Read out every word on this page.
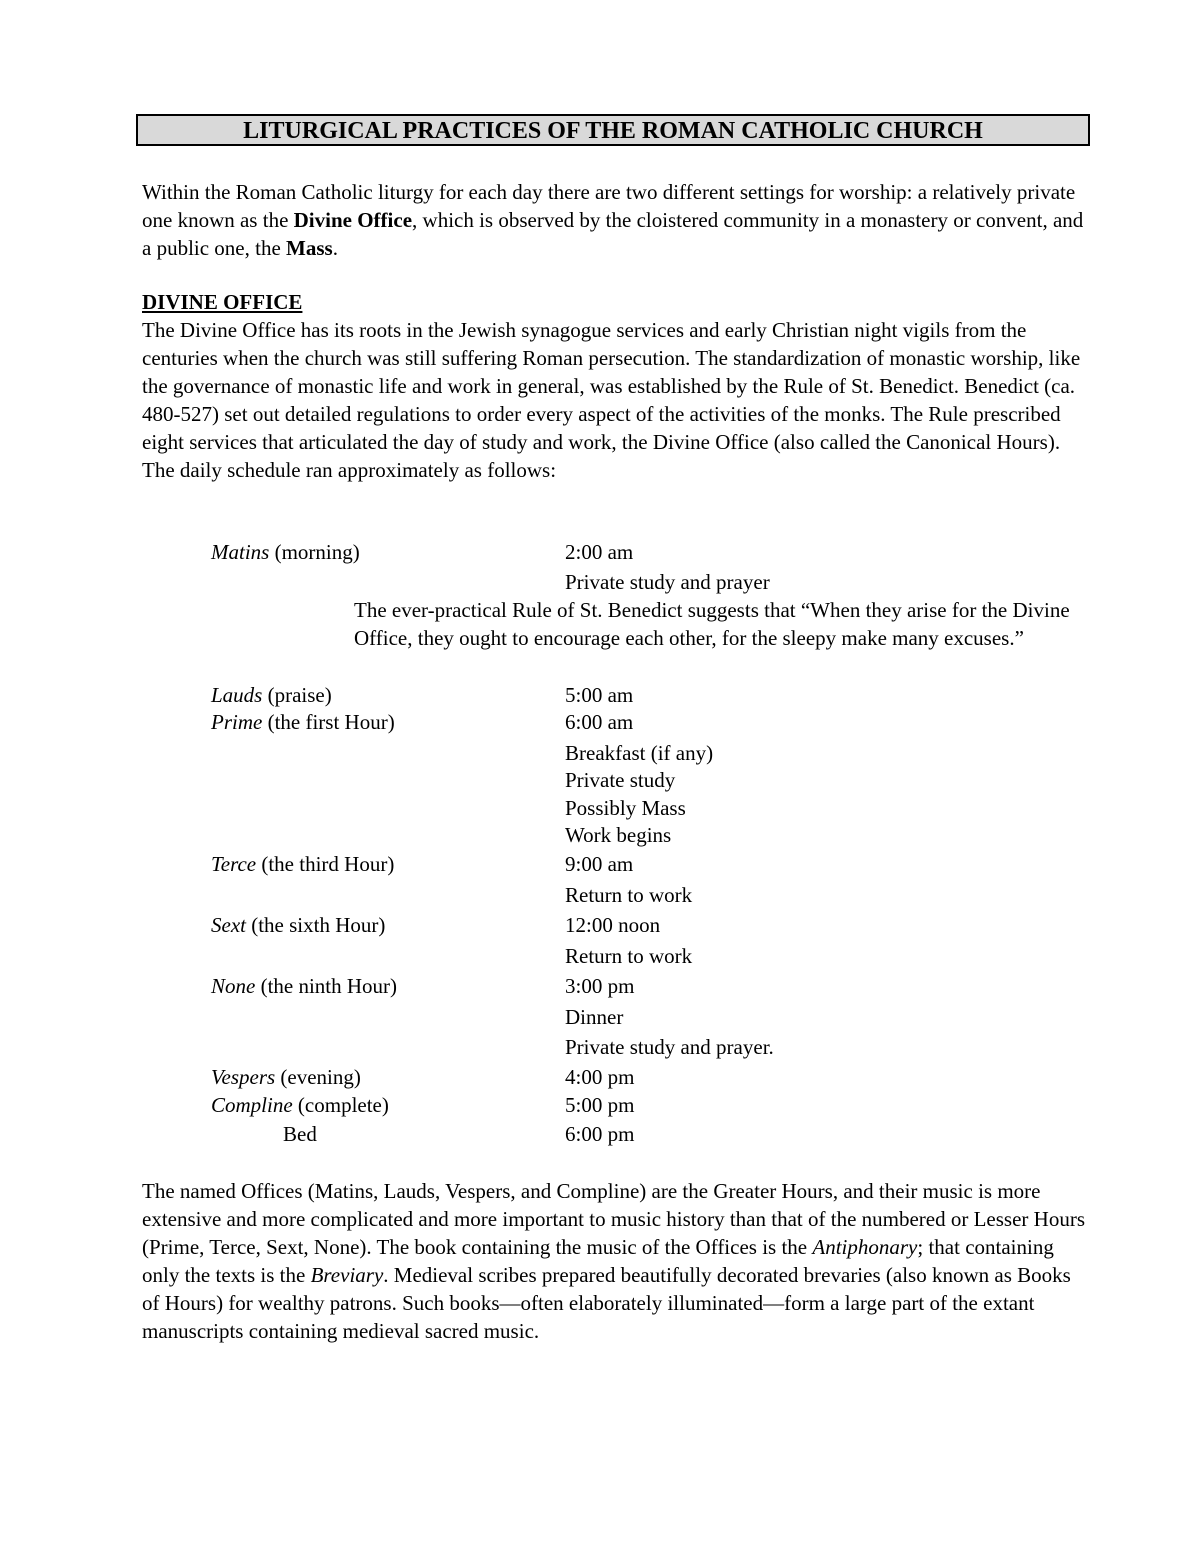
LITURGICAL PRACTICES OF THE ROMAN CATHOLIC CHURCH

Within the Roman Catholic liturgy for each day there are two different settings for worship: a relatively private one known as the Divine Office, which is observed by the cloistered community in a monastery or convent, and a public one, the Mass.

DIVINE OFFICE

The Divine Office has its roots in the Jewish synagogue services and early Christian night vigils from the centuries when the church was still suffering Roman persecution. The standardization of monastic worship, like the governance of monastic life and work in general, was established by the Rule of St. Benedict. Benedict (ca. 480-527) set out detailed regulations to order every aspect of the activities of the monks. The Rule prescribed eight services that articulated the day of study and work, the Divine Office (also called the Canonical Hours). The daily schedule ran approximately as follows:

Matins (morning)	2:00 am
Private study and prayer
The ever-practical Rule of St. Benedict suggests that “When they arise for the Divine Office, they ought to encourage each other, for the sleepy make many excuses.”
Lauds (praise)	5:00 am
Prime (the first Hour)	6:00 am
Breakfast (if any)
Private study
Possibly Mass
Work begins
Terce (the third Hour)	9:00 am
Return to work
Sext (the sixth Hour)	12:00 noon
Return to work
None (the ninth Hour)	3:00 pm
Dinner
Private study and prayer.
Vespers (evening)	4:00 pm
Compline (complete)	5:00 pm
Bed	6:00 pm

The named Offices (Matins, Lauds, Vespers, and Compline) are the Greater Hours, and their music is more extensive and more complicated and more important to music history than that of the numbered or Lesser Hours (Prime, Terce, Sext, None). The book containing the music of the Offices is the Antiphonary; that containing only the texts is the Breviary. Medieval scribes prepared beautifully decorated brevaries (also known as Books of Hours) for wealthy patrons. Such books—often elaborately illuminated—form a large part of the extant manuscripts containing medieval sacred music.
